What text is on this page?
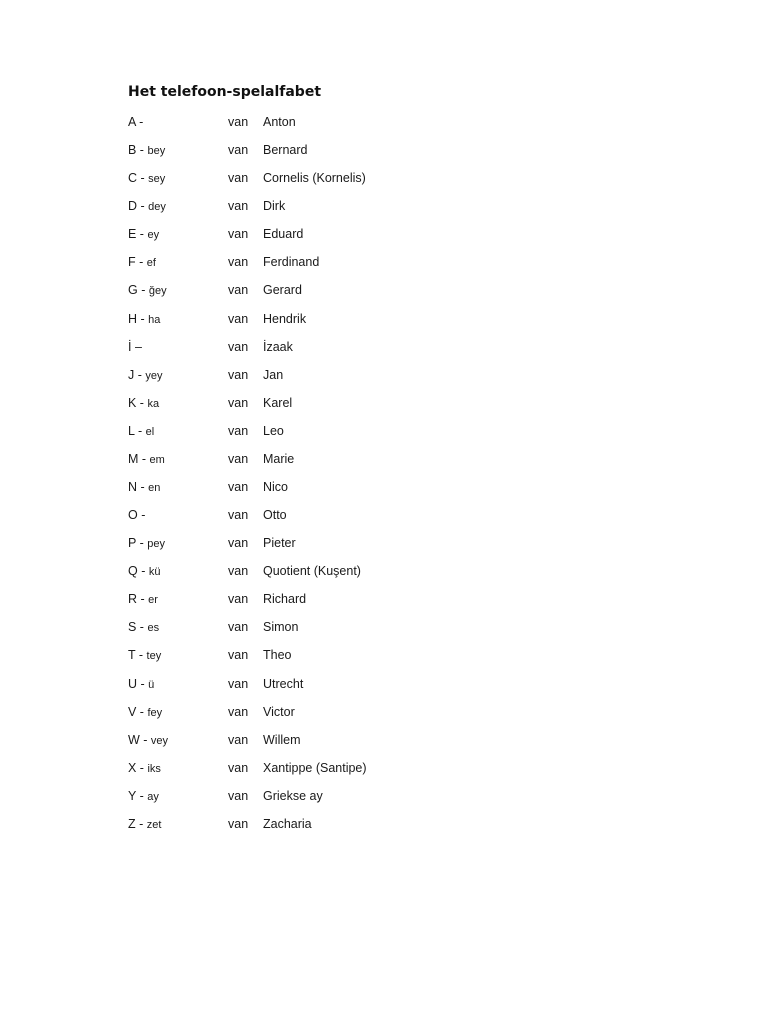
Het telefoon-spelalfabet
A -	van Anton
B - bey	van Bernard
C - sey	van Cornelis (Kornelis)
D - dey	van Dirk
E - ey	van Eduard
F - ef	van Ferdinand
G - ğey	van Gerard
H - ha	van Hendrik
İ –	van İzaak
J - yey	van Jan
K - ka	van Karel
L - el	van Leo
M - em	van Marie
N - en	van Nico
O -	van Otto
P - pey	van Pieter
Q - kü	van Quotient (Kuşent)
R - er	van Richard
S - es	van Simon
T - tey	van Theo
U - ü	van Utrecht
V - fey	van Victor
W - vey	van Willem
X - iks	van Xantippe (Santipe)
Y - ay	van Griekse ay
Z - zet	van Zacharia
